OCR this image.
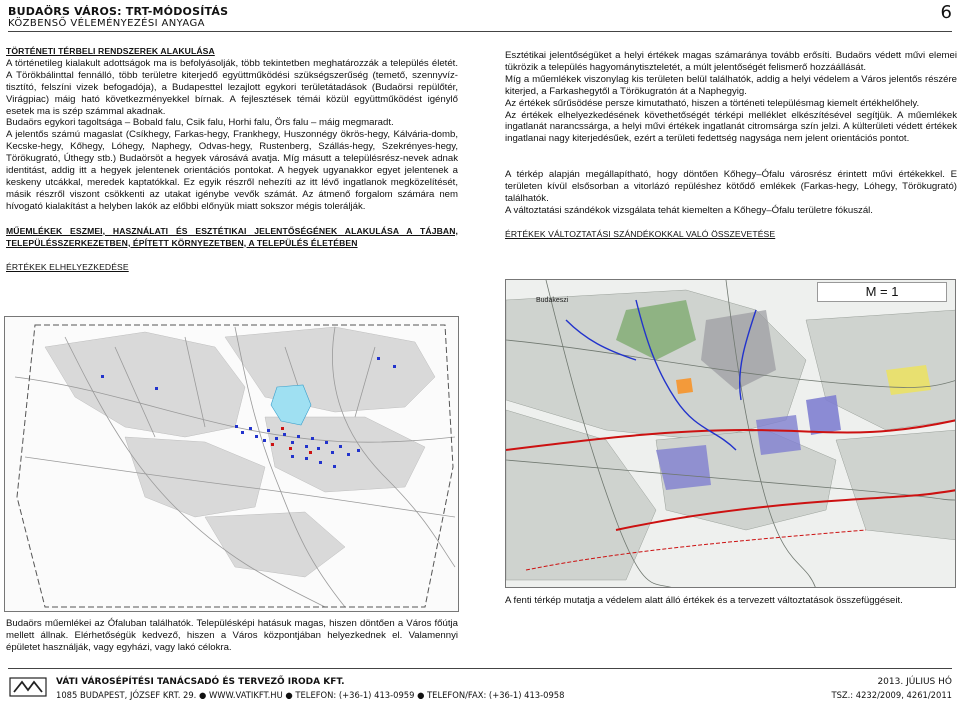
BUDAÖRS VÁROS: TRT-MÓDOSÍTÁS
KÖZBENSŐ VÉLEMÉNYEZÉSI ANYAGA
6

TÖRTÉNETI TÉRBELI RENDSZEREK ALAKULÁSA

A történetileg kialakult adottságok ma is befolyásolják, több tekintetben meghatározzák a település életét. A Törökbálinttal fennálló, több területre kiterjedő együttműködési szükségszerűség (temető, szennyvíz-tisztító, felszíni vizek befogadója), a Budapesttel lezajlott egykori területátadások (Budaörsi repülőtér, Virágpiac) máig ható következményekkel bírnak. A fejlesztések témái közül együttműködést igénylő esetek ma is szép számmal akadnak.

Budaörs egykori tagoltsága – Bobald falu, Csik falu, Horhi falu, Örs falu – máig megmaradt.

A jelentős számú magaslat (Csíkhegy, Farkas-hegy, Frankhegy, Huszonnégy ökrös-hegy, Kálvária-domb, Kecske-hegy, Kőhegy, Lóhegy, Naphegy, Odvas-hegy, Rustenberg, Szállás-hegy, Szekrényes-hegy, Törökugrató, Úthegy stb.) Budaörsöt a hegyek városává avatja. Míg másutt a településrész-nevek adnak identitást, addig itt a hegyek jelentenek orientációs pontokat. A hegyek ugyanakkor egyet jelentenek a keskeny utcákkal, meredek kaptatókkal. Ez egyik részről nehezíti az itt lévő ingatlanok megközelítését, másik részről viszont csökkenti az utakat igénybe vevők számát. Az átmenő forgalom számára nem hívogató kialakítást a helyben lakók az előbbi előnyük miatt sokszor mégis tolerálják.

MŰEMLÉKEK ESZMEI, HASZNÁLATI ÉS ESZTÉTIKAI JELENTŐSÉGÉNEK ALAKULÁSA A TÁJBAN, TELEPÜLÉSSZERKEZETBEN, ÉPÍTETT KÖRNYEZETBEN, A TELEPÜLÉS ÉLETÉBEN

ÉRTÉKEK ELHELYEZKEDÉSE

Budaörs műemlékei az Ófaluban találhatók. Településképi hatásuk magas, hiszen döntően a Város főútja mellett állnak. Elérhetőségük kedvező, hiszen a Város központjában helyezkednek el. Valamennyi épületet használják, vagy egyházi, vagy lakó célokra.

Esztétikai jelentőségüket a helyi értékek magas számaránya tovább erősíti. Budaörs védett művi elemei tükrözik a település hagyománytiszteletét, a múlt jelentőségét felismerő hozzáállását.

Míg a műemlékek viszonylag kis területen belül találhatók, addig a helyi védelem a Város jelentős részére kiterjed, a Farkashegytől a Törökugratón át a Naphegyig.

Az értékek sűrűsödése persze kimutatható, hiszen a történeti településmag kiemelt értékhelőhely.

Az értékek elhelyezkedésének követhetőségét térképi melléklet elkészítésével segítjük. A műemlékek ingatlanát narancssárga, a helyi művi értékek ingatlanát citromsárga szín jelzi. A külterületi védett értékek ingatlanai nagy kiterjedésűek, ezért a területi fedettség nagysága nem jelent orientációs pontot.

A térkép alapján megállapítható, hogy döntően Kőhegy–Ófalu városrész érintett művi értékekkel. E területen kívül elsősorban a vitorlázó repüléshez kötődő emlékek (Farkas-hegy, Lóhegy, Törökugrató) találhatók.

A változtatási szándékok vizsgálata tehát kiemelten a Kőhegy–Ófalu területre fókuszál.

ÉRTÉKEK VÁLTOZTATÁSI SZÁNDÉKOKKAL VALÓ ÖSSZEVETÉSE

Budakeszi
M = 1
A fenti térkép mutatja a védelem alatt álló értékek és a tervezett változtatások összefüggéseit.
VÁTI VÁROSÉPÍTÉSI TANÁCSADÓ ÉS TERVEZŐ IRODA KFT.
1085 BUDAPEST, JÓZSEF KRT. 29. ● WWW.VATIKFT.HU ● TELEFON: (+36-1) 413-0959 ● TELEFON/FAX: (+36-1) 413-0958
2013. JÚLIUS HÓ
TSZ.: 4232/2009, 4261/2011
